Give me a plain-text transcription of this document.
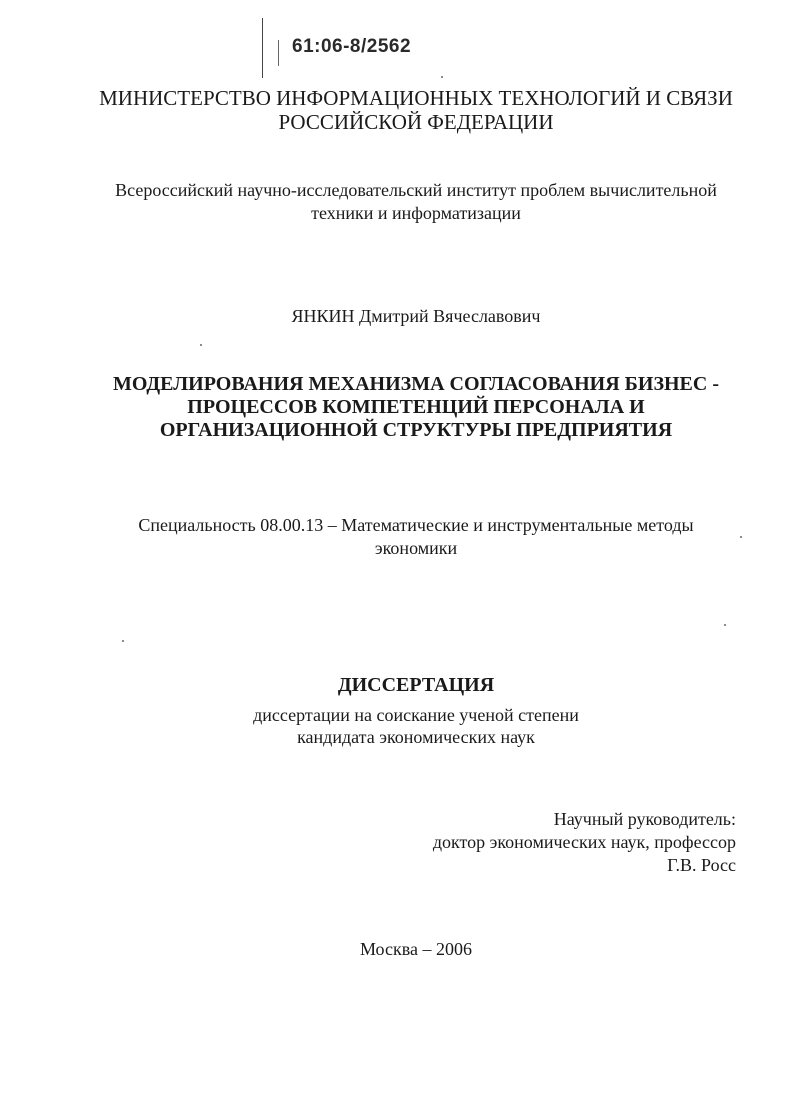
61:06-8/2562
МИНИСТЕРСТВО ИНФОРМАЦИОННЫХ ТЕХНОЛОГИЙ И СВЯЗИ
РОССИЙСКОЙ ФЕДЕРАЦИИ
Всероссийский научно-исследовательский институт проблем вычислительной
техники и информатизации
ЯНКИН Дмитрий Вячеславович
МОДЕЛИРОВАНИЯ МЕХАНИЗМА СОГЛАСОВАНИЯ БИЗНЕС -
ПРОЦЕССОВ КОМПЕТЕНЦИЙ ПЕРСОНАЛА И
ОРГАНИЗАЦИОННОЙ СТРУКТУРЫ ПРЕДПРИЯТИЯ
Специальность 08.00.13 – Математические и инструментальные методы
экономики
ДИССЕРТАЦИЯ
диссертации на соискание ученой степени
кандидата экономических наук
Научный руководитель:
доктор экономических наук, профессор
Г.В. Росс
Москва – 2006
